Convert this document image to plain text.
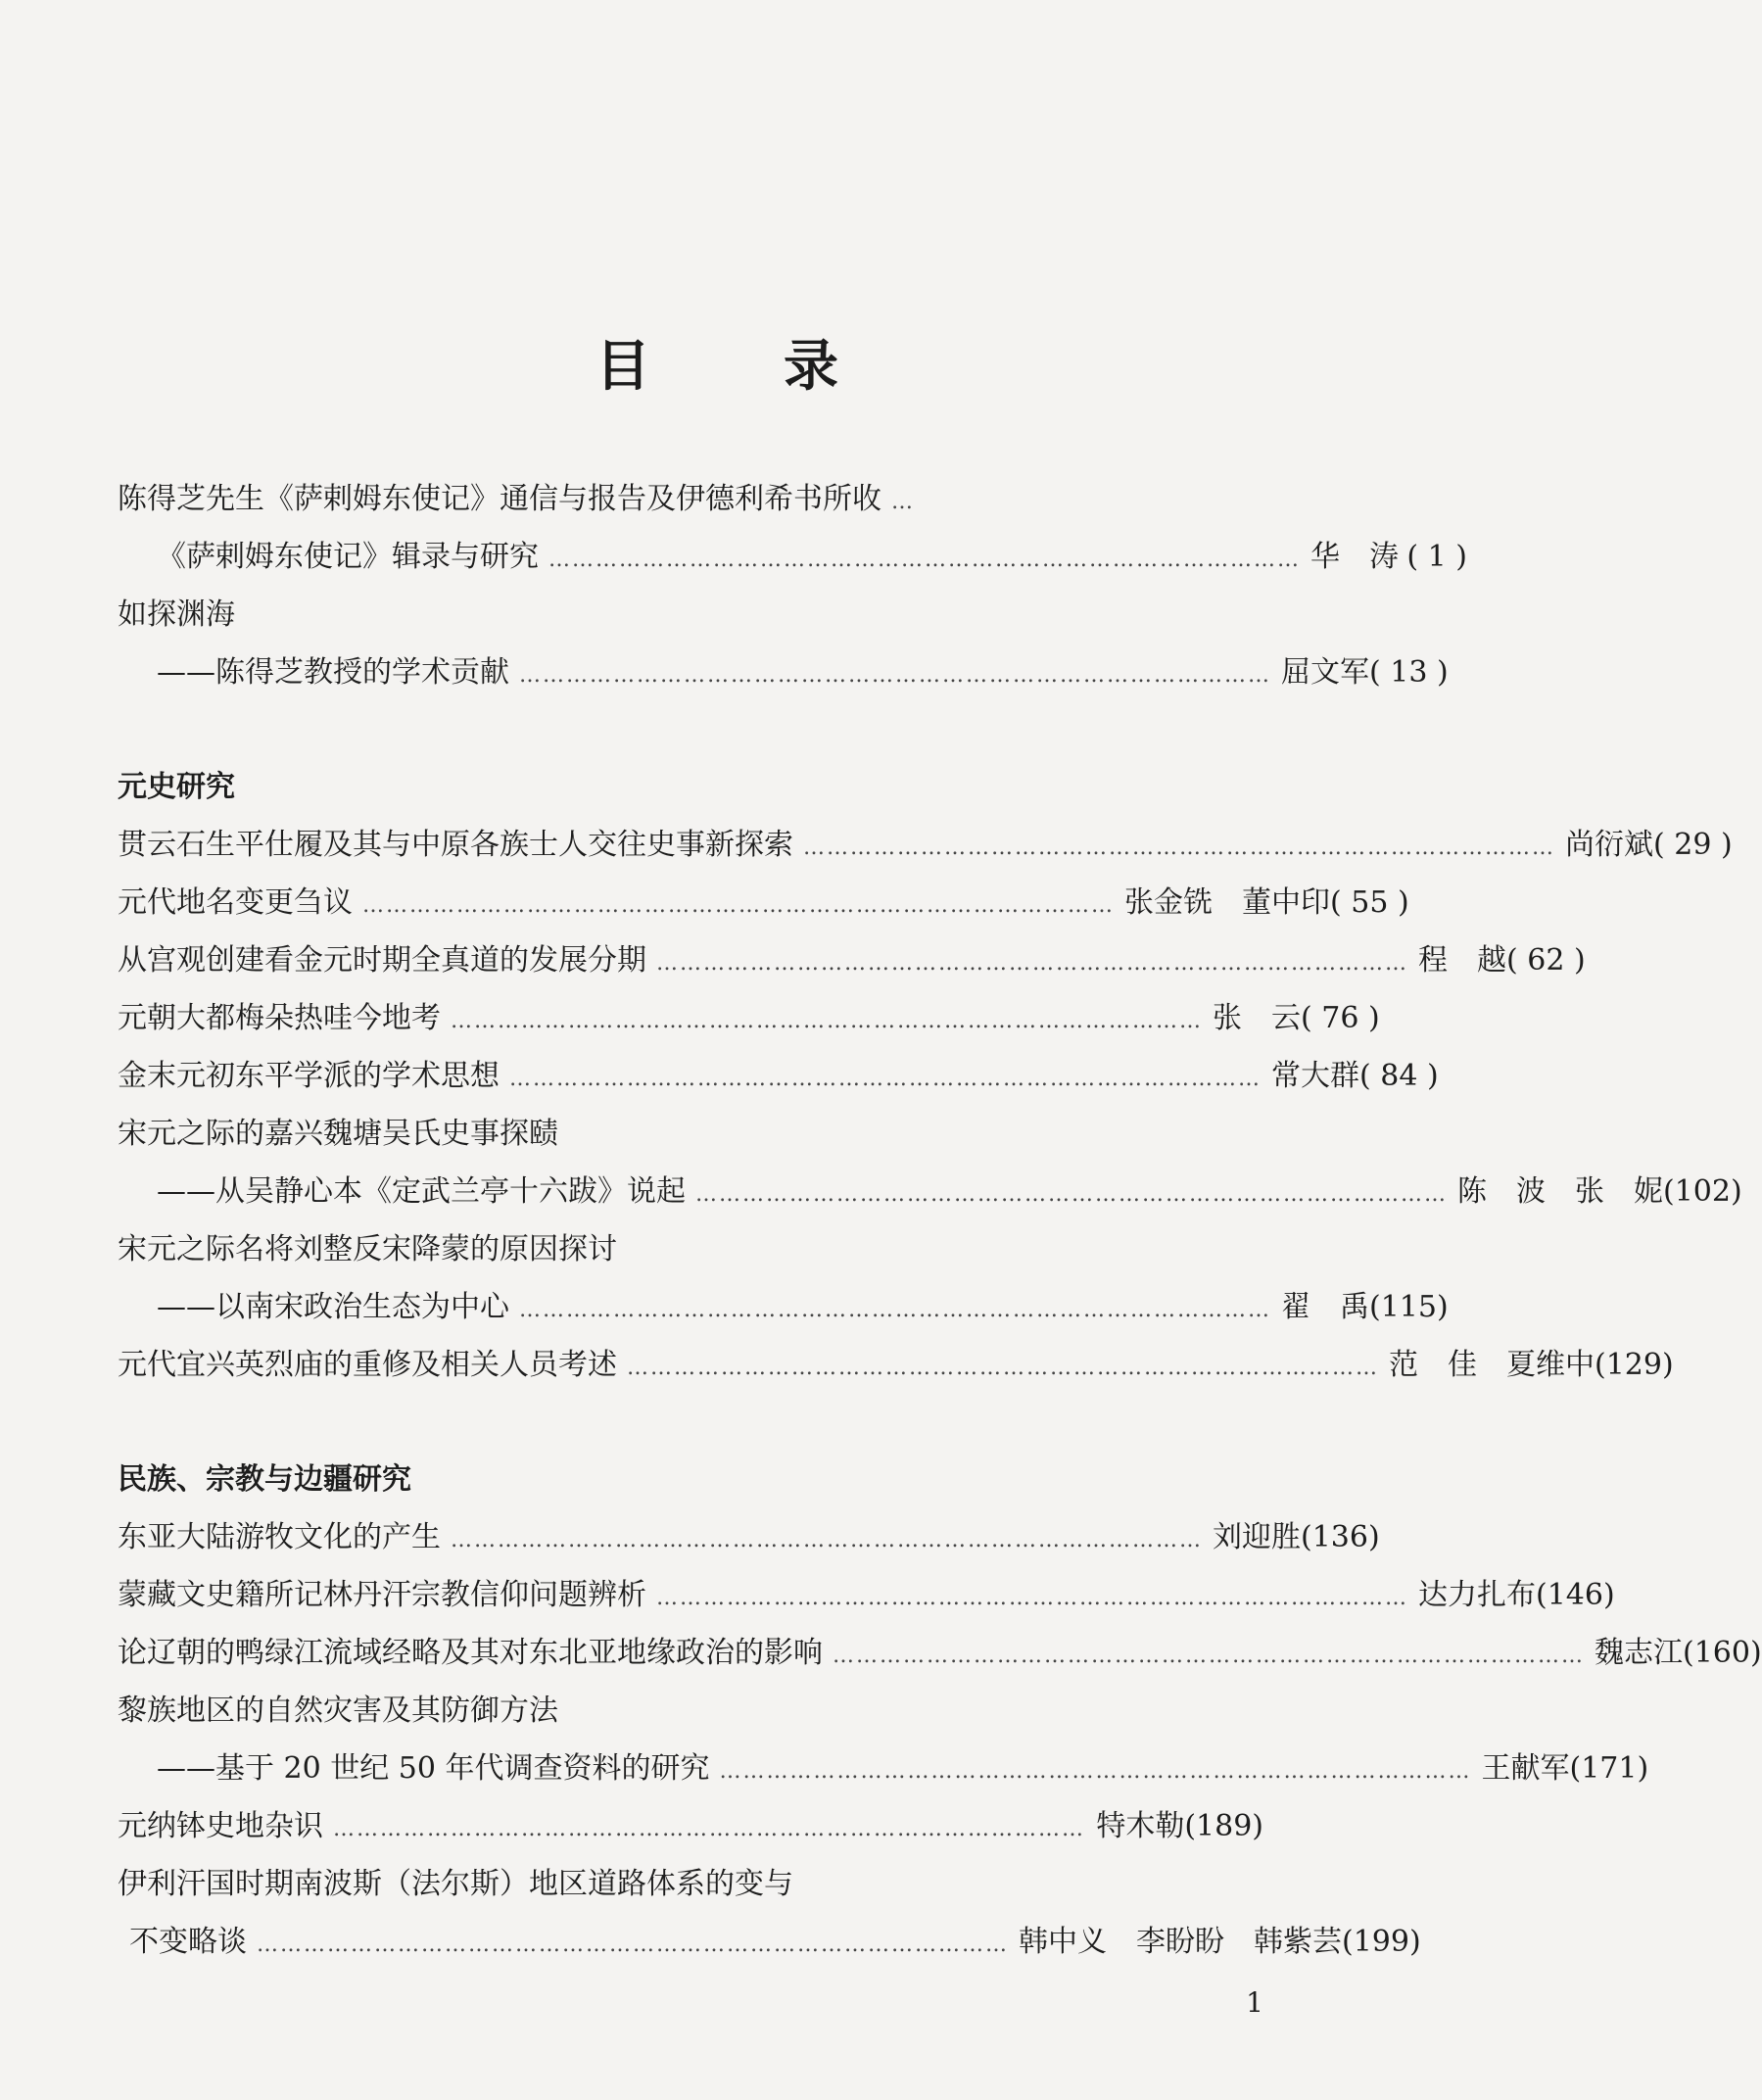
目　录
陈得芝先生《萨剌姆东使记》通信与报告及伊德利希书所收 …
《萨剌姆东使记》辑录与研究 …………………………………………………………………………………… 华　涛 ( 1 )
如探渊海
——陈得芝教授的学术贡献 …………………………………………………………………………………… 屈文军 ( 13 )
元史研究
贯云石生平仕履及其与中原各族士人交往史事新探索 …………………………………………………………………………………… 尚衍斌 ( 29 )
元代地名变更刍议 …………………………………………………………………………………… 张金铣　董中印 ( 55 )
从宫观创建看金元时期全真道的发展分期 …………………………………………………………………………………… 程　越 ( 62 )
元朝大都梅朵热哇今地考 …………………………………………………………………………………… 张　云 ( 76 )
金末元初东平学派的学术思想 …………………………………………………………………………………… 常大群 ( 84 )
宋元之际的嘉兴魏塘吴氏史事探赜
——从吴静心本《定武兰亭十六跋》说起 …………………………………………………………………………………… 陈　波　张　妮 (102)
宋元之际名将刘整反宋降蒙的原因探讨
——以南宋政治生态为中心 …………………………………………………………………………………… 翟　禹 (115)
元代宜兴英烈庙的重修及相关人员考述 …………………………………………………………………………………… 范　佳　夏维中 (129)
民族、宗教与边疆研究
东亚大陆游牧文化的产生 …………………………………………………………………………………… 刘迎胜 (136)
蒙藏文史籍所记林丹汗宗教信仰问题辨析 …………………………………………………………………………………… 达力扎布 (146)
论辽朝的鸭绿江流域经略及其对东北亚地缘政治的影响 …………………………………………………………………………………… 魏志江 (160)
黎族地区的自然灾害及其防御方法
——基于 20 世纪 50 年代调查资料的研究 …………………………………………………………………………………… 王献军 (171)
元纳钵史地杂识 …………………………………………………………………………………… 特木勒 (189)
伊利汗国时期南波斯（法尔斯）地区道路体系的变与
不变略谈 …………………………………………………………………………………… 韩中义　李盼盼　韩紫芸 (199)
1
